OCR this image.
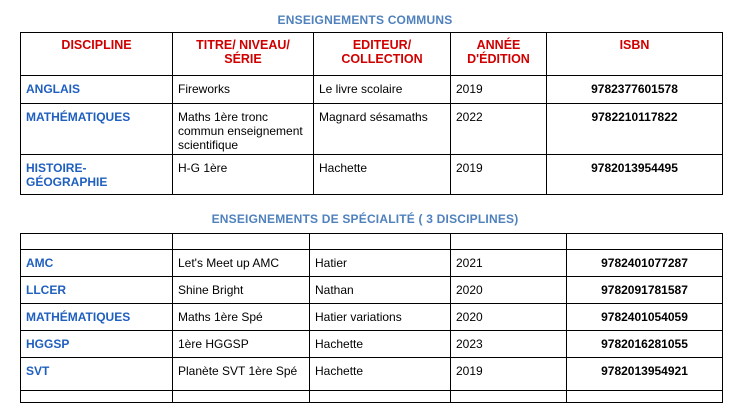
ENSEIGNEMENTS COMMUNS
DISCIPLINE	TITRE/ NIVEAU/ SÉRIE	EDITEUR/ COLLECTION	ANNÉE D'ÉDITION	ISBN
ANGLAIS	Fireworks	Le livre scolaire	2019	9782377601578
MATHÉMATIQUES	Maths 1ère tronc commun enseignement scientifique	Magnard sésamaths	2022	9782210117822
HISTOIRE-GÉOGRAPHIE	H-G 1ère	Hachette	2019	9782013954495
ENSEIGNEMENTS DE SPÉCIALITÉ ( 3 DISCIPLINES)

AMC	Let's Meet up AMC	Hatier	2021	9782401077287
LLCER	Shine Bright	Nathan	2020	9782091781587
MATHÉMATIQUES	Maths 1ère Spé	Hatier variations	2020	9782401054059
HGGSP	1ère HGGSP	Hachette	2023	9782016281055
SVT	Planète SVT 1ère Spé	Hachette	2019	9782013954921
